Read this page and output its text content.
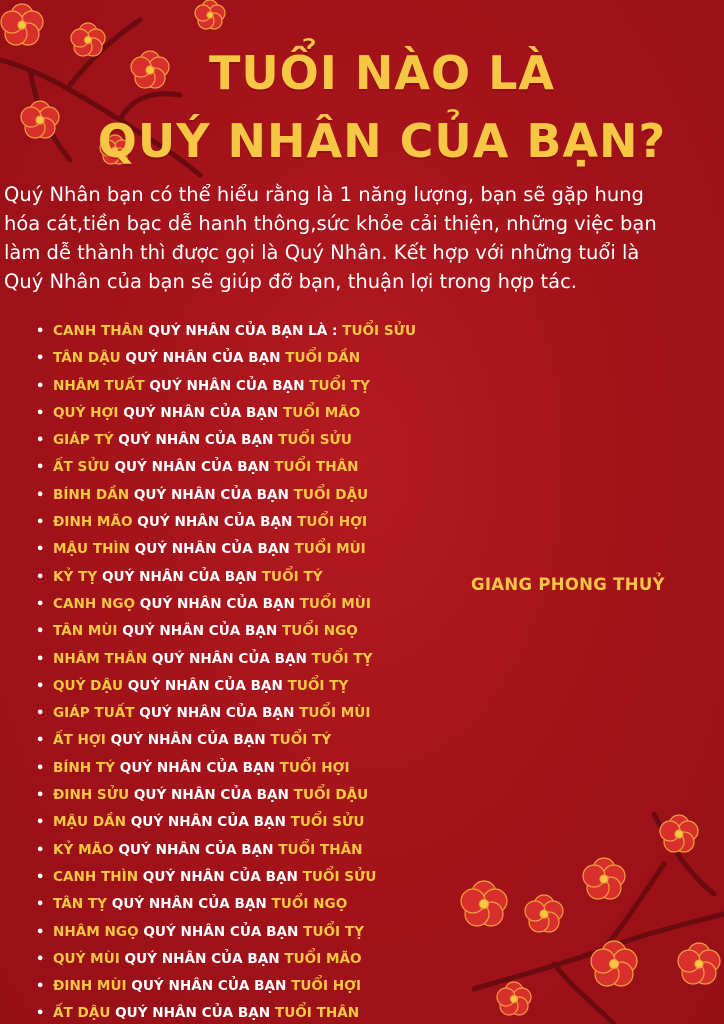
TUỔI NÀO LÀ
QUÝ NHÂN CỦA BẠN?

Quý Nhân bạn có thể hiểu rằng là 1 năng lượng, bạn sẽ gặp hung

hóa cát,tiền bạc dễ hanh thông,sức khỏe cải thiện, những việc bạn

làm dễ thành thì được gọi là Quý Nhân. Kết hợp với những tuổi là

Quý Nhân của bạn sẽ giúp đỡ bạn, thuận lợi trong hợp tác.

• CANH THÂN QUÝ NHÂN CỦA BẠN LÀ : TUỔI SỬU
• TÂN DẬU QUÝ NHÂN CỦA BẠN TUỔI DẦN
• NHÂM TUẤT QUÝ NHÂN CỦA BẠN TUỔI TỴ
• QUÝ HỢI QUÝ NHÂN CỦA BẠN TUỔI MÃO
• GIÁP TÝ QUÝ NHÂN CỦA BẠN TUỔI SỬU
• ẤT SỬU QUÝ NHÂN CỦA BẠN TUỔI THÂN
• BÍNH DẦN QUÝ NHÂN CỦA BẠN TUỔI DẬU
• ĐINH MÃO QUÝ NHÂN CỦA BẠN TUỔI HỢI
• MẬU THÌN QUÝ NHÂN CỦA BẠN TUỔI MÙI
• KỶ TỴ QUÝ NHÂN CỦA BẠN TUỔI TÝ
• CANH NGỌ QUÝ NHÂN CỦA BẠN TUỔI MÙI
• TÂN MÙI QUÝ NHÂN CỦA BẠN TUỔI NGỌ
• NHÂM THÂN QUÝ NHÂN CỦA BẠN TUỔI TỴ
• QUÝ DẬU QUÝ NHÂN CỦA BẠN TUỔI TỴ
• GIÁP TUẤT QUÝ NHÂN CỦA BẠN TUỔI MÙI
• ẤT HỢI QUÝ NHÂN CỦA BẠN TUỔI TÝ
• BÍNH TÝ QUÝ NHÂN CỦA BẠN TUỔI HỢI
• ĐINH SỬU QUÝ NHÂN CỦA BẠN TUỔI DẬU
• MẬU DẦN QUÝ NHÂN CỦA BẠN TUỔI SỬU
• KỶ MÃO QUÝ NHÂN CỦA BẠN TUỔI THÂN
• CANH THÌN QUÝ NHÂN CỦA BẠN TUỔI SỬU
• TÂN TỴ QUÝ NHÂN CỦA BẠN TUỔI NGỌ
• NHÂM NGỌ QUÝ NHÂN CỦA BẠN TUỔI TỴ
• QUÝ MÙI QUÝ NHÂN CỦA BẠN TUỔI MÃO
• ĐINH MÙI QUÝ NHÂN CỦA BẠN TUỔI HỢI
• ẤT DẬU QUÝ NHÂN CỦA BẠN TUỔI THÂN
GIANG PHONG THUỶ
